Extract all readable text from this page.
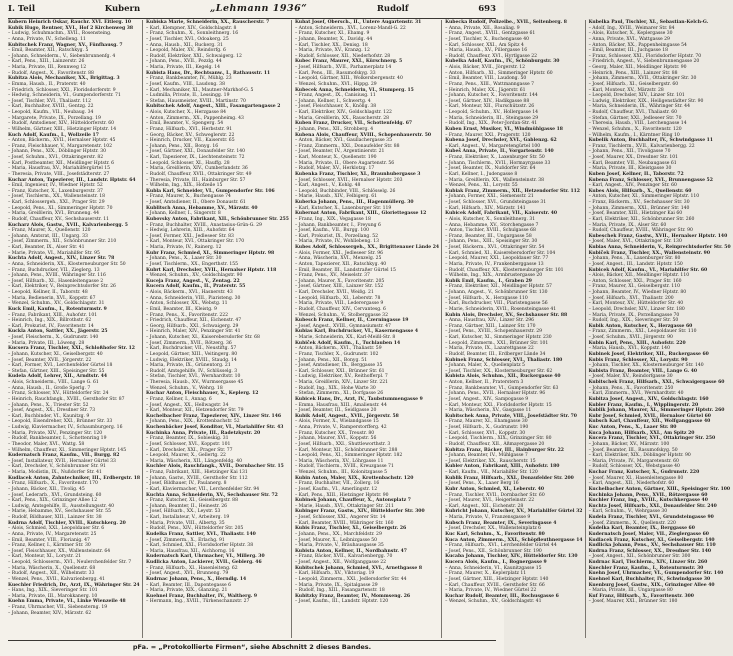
I. Teil	Kubern	„Lehmann 1936“	Rudolf	693
Kubern Heinrich Oskar, Rauchr. XVI. Eitlerg. 10
Kubik Hugo, Rentner, XVI., Hof 2 Kirchenweg 38
– Ludwig, Schuhmachm., XVII., Rosensteing.
– Anna, Private, IV., Schelleng. 11
Kubitschek Franz, Wagner, XV., Fünfhausg. 7
– Emil, Beamter, XII., Ratschkyg. 5
– Johann, Schneiderm., V., Siebenbrunnenfg. 4
– Karl, Pens., XIII., Lainzerstr. 26
– Maria, Private, III., Rennweg 12
– Rudolf, Angest., X., Favoritenstr. 88
Kubitza Alois, Mechaniker, XX., Brigittag. 3
– Emma, Hausb., II., Praterstr. 40
– Friedrich, Schlosser, XXI., Floridsdorferstr. 9
– Hedwig, Schneiderin, VI., Gumpendorferstr. 71
– Josef, Tischler, XVI., Thaliastr. 112
– Karl, Buchhalter, XVIII., Gentzg. 22
– Leopold, Kaufm., VII., Neubaug. 34
– Margarete, Private, IX., Porzellang. 19
– Rudolf, Amtsdiener, XIV., Hütteldorferstr. 60
– Wilhelm, Gärtner, XIII., Hietzinger Hptstr. 14
Kuch Adolf, Kaufm., I., Wollzeile 17
– Anton, Bäckerm., XVII., Hernalser Hptstr. 45
– Franz, Fleischhauer, V., Margaretenstr. 102
– Johann, Pens., XIX., Döblinger Hptstr. 30
– Josef, Schuhm., XVI., Ottakringerstr. 82
– Karl, Postbeamter, XII., Meidlinger Hptstr. 6
– Maria, Hausfrau, XV., Mariahilfergürtel 15
– Theresia, Private, VIII., Josefstädterstr. 27
Kuchar Anton, Tapezierer, III., Landstr. Hptstr. 64
– Emil, Ingenieur, IV., Wiedner Hptstr. 52
– Franz, Kutscher, X., Laxenburgerstr. 37
– Josef, Tischlerm., XX., Wallensteinstr. 18
– Karl, Schlossergeh., XXI., Prager Str. 29
– Leopold, Pens., XI., Simmeringer Hptstr. 70
– Maria, Greißlerin, XVI., Brunneng. 44
– Rudolf, Chauffeur, XV., Sechshauserstr. 11
Kucharz Alois, Gastw., XVII., Kalvarienbergg. 5
– Franz, Maurer, X., Quellenstr. 120
– Johann, Amtsrat, III., Ungarg. 33
– Josef, Zimmerm., XII., Schönbrunner Str. 210
– Karl, Beamter, IX., Alser Str. 41
– Marie, Private, VI., Mariahilfer Str. 95
Kuchta Adolf, Angest., XIV., Linzer Str. 78
– Anna, Schneiderin, XX., Klosterneuburger Str. 50
– Franz, Buchdrucker, VII., Zieglerg. 13
– Johann, Pens., XVIII., Währinger Str. 116
– Josef, Hilfsarb., XI., Hasenleitengasse 2
– Karl, Elektriker, V., Reinprechtsdorfer Str. 26
– Leopold, Kellner, II., Taborstr. 48
– Maria, Bedienerin, XVI., Koppstr. 67
– Wenzel, Schuhm., XV., Goldschlagstr. 31
Kuck Emil, Kaufm., I., Rotenturmstr. 9
– Franz, Fabrikant, XIII., Auhofstr. 101
– Heinrich, Ing., XIX., Billrothstr. 62
– Karl, Prokurist, IV., Favoritenstr. 14
Kuckla Anton, Sattler, XX., Jägerstr. 25
– Josef, Fleischerm., X., Gudrunstr. 140
– Maria, Private, III., Löweng. 28
Kucsera Franz, Tischler, XXI., Schloßhofer Str. 12
– Johann, Kutscher, XI., Geiselbergstr. 40
– Josef, Beamter, XVII., Jörgerstr. 22
– Karl, Former, XVI., Lerchenfelder Gürtel 18
– Stefan, Gärtner, XIII., Speisinger Str. 55
Kudela Adolf, Lehrer, XII., Arndtstr. 44
– Alois, Schneiderm., VIII., Lange G. 61
– Anna, Hausb., II., Große Sperlg. 7
– Franz, Schlosser, XV., Hütteldorfer Str. 24
– Heinrich, Rauchfangk., XVIII., Gersthofer Str. 87
– Johann, Pens., X., Triester Str. 52
– Josef, Angest., XX., Dresdner Str. 73
– Karl, Buchbinder, VI., Kaunitzg. 9
– Leopold, Eisendreher, XXI., Brünner Str. 33
– Ludwig, Klaviermacher, IV., Schaumburgerg. 16
– Maria, Private, XIV., Penzinger Str. 120
– Rudolf, Bankbeamter, I., Schottenring 19
– Theodor, Maler, XVI., Wattg. 58
– Wilhelm, Chauffeur, XI., Simmeringer Hptstr. 145
Kudernatsch Franz, Kaufm., VII., Burgg. 82
– Josef, Installateur, XVII., Hernalser Gürtel 33
– Karl, Drechsler, V., Schönbrunner Str. 91
– Maria, Modistin, IX., Nußdorfer Str. 41
Kudlacek Anton, Zahntechniker, III., Erdbergstr. 18
– Franz, Hilfsarb., X., Favoritenstr. 170
– Johann, Bäcker, XII., Tivolig. 45
– Josef, Lederarb., XVI., Grundsteing. 60
– Karl, Pens., XIX., Grinzinger Allee 12
– Ludwig, Amtsgehilfe, II., Ausstellungsstr. 40
– Marie, Hebamme, XV., Sechshauser Str. 55
– Rudolf, Bildhauer, XIII., Lainzer Str. 38
Kudrna Adolf, Tischler, XVIII., Kutschkerg. 20
– Alois, Schmied, XXI., Leopoldauer Str. 6
– Anna, Private, IV., Margaretenstr. 25
– Emil, Beamter, VIII., Florianig. 47
– Franz, Kellner, I., Kärntner Str. 30
– Josef, Fleischhauer, XX., Wallensteinstr. 64
– Karl, Monteur, XI., Lorystr. 21
– Leopold, Schlosserm., XVI., Neulerchenfelder Str. 7
– Maria, Wäscherin, X., Quellenstr. 68
– Rudolf, Angest., XII., Wilhelmstr. 33
– Wenzel, Pens., XVII., Kalvarienbergg. 41
Kuechler Friedrich, Dr., Arzt, IX., Währinger Str. 24
– Hans, Ing., XIX., Sieveringer Str. 101
– Maria, Private, III., Marokkanerg. 10
Kuehn Emma, Private, VI., Linke Wienzeile 48
– Franz, Uhrmacher, VII., Siebensterng. 19
– Johann, Beamter, XIV., Märzstr. 62
Kubiska Marie, Schneiderin, XX., Rauscherstr. 7
– Karl, Klempner, XIV., Goldschlagstr. 8
– Franz, Schuhm., X., Sonnleithnerg. 16
– Josef, Tischler, XVI., Odoakerg. 25
– Anna, Hausb., XII., Ruckerg. 31
– Leopold, Maler, XV., Reindorfg. 6
– Rudolf, Elektriker, XXI., Schwaigerg. 12
– Johann, Pens., XVII., Pezzlg. 44
– Maria, Private, III., Kegelg. 14
Kubista Hans, Dr., Rechtsanw., I., Rathausstr. 11
– Franz, Bankbeamter, IV., Mühlg. 23
– Josef, Kaufm., VIII., Laudong. 38
– Karl, Mechaniker, XI., Mautner-Markhof-G. 5
– Ludmilla, Private, II., Lessingg. 19
– Stefan, Hausmeister, XVIII., Martinstr. 70
Kubitschek Adolf, Angest., XIII., Fasangartengasse 2
– Alois, Kutscher, X., Herzgasse 84
– Anton, Zimmerm., XX., Pappenheimg. 43
– Emil, Beamter, V., Spengerg. 54
– Franz, Hilfsarb., XVI., Herbststr. 91
– Georg, Bäcker, XV., Schweglerstr. 22
– Heinrich, Drucker, VII., Kaiserstr. 65
– Johann, Pens., XII., Bonyg. 16
– Josef, Gärtner, XXI., Donaufelder Str. 140
– Karl, Tapezierer, IX., Liechtensteinstr. 72
– Leopold, Schlosser, XI., Hauffg. 28
– Maria, Greißlerin, XIV., Cumberlandstr. 36
– Rudolf, Chauffeur, XVII., Ottakringer Str. 49
– Theresia, Private, III., Hainburger Str. 57
– Wilhelm, Ing., XIX., Hofzeile 15
Kubla Karl, Schneider, VI., Gumpendorfer Str. 106
– Franz, Maurer, X., Buchengasse 74
– Josef, Amtsdiener, II., Obere Donaustr. 61
Kublitsch Anna, Hebamme, XV., Märzstr. 40
– Johann, Kellner, I., Singerstr. 8
Kubovsky Anton, Fabrikant, XII., Schönbrunner Str. 255
– Franz, Buchhalter, XVIII., Anastasius-Grün-G. 29
– Hedwig, Lehrerin, XIII., Auhofstr. 64
– Josef, Former, XXI., Jedleseer Str. 83
– Karl, Monteur, XVI., Ottakringer Str. 170
– Maria, Private, IV., Rainerg. 12
Kubr Franz, Schmied, XI., Simmeringer Hptstr. 98
– Johann, Pens., X., Laaer Str. 30
– Josef, Tischlerm., XX., Engerthstr. 155
Kubrt Karl, Drechsler, XVII., Hernalser Hptstr. 118
– Wenzel, Schuhm., XV., Goldschlagstr. 90
Kuceja Franz, Angest., V., Zentag. 22
Kucera Adolf, Kaufm., II., Praterstr. 55
– Alois, Bäckerm., XVI., Hasnerstr. 43
– Anna, Schneiderin, VIII., Piaristeng. 30
– Anton, Schlosser, XX., Webstg. 11
– Emil, Beamter, III., Kleistg. 9
– Franz, Pens., X., Favoritenstr. 222
– Friedrich, Chauffeur, XII., Eichenstr. 47
– Georg, Hilfsarb., XXI., Schwaigerg. 29
– Heinrich, Maler, XIV., Penzinger Str. 41
– Johann, Kutscher, XI., Kaiserebersdorfer Str. 68
– Josef, Zimmerm., XVII., Rötzerg. 36
– Karl, Buchdrucker, VII., Neustiftg. 57
– Leopold, Gärtner, XIII., Veitingerg. 80
– Ludwig, Elektriker, XVIII., Staudg. 14
– Maria, Private, IX., Grünentorg. 21
– Rudolf, Amtsgehilfe, IV., Schlüsselg. 3
– Stefan, Tischler, XVI., Wernhardtstr. 10
– Theresia, Hausb., XV., Wurmsergasse 45
– Wenzel, Schuhm., V., Wehrg. 18
Kuchar Anton, Fleischhauer, X., Keplerg. 12
– Franz, Kellner, I., Annag. 6
– Josef, Angest., XX., Hellwagstr. 34
– Karl, Monteur, XII., Hetzendorfer Str. 79
Kuchelbacher Franz, Tapezierer, XIV., Linzer Str. 146
– Johann, Pens., XIX., Krottenbachstr. 52
Kuchenbäcker Josef, Konditor, VI., Mariahilfer Str. 43
Kuchinka Anna, Private, III., Radetzkystr. 20
– Franz, Beamter, IX., Sobieskig. 31
– Josef, Schlosser, XVI., Koppstr. 101
– Karl, Drechsler, XXI., Prager Str. 77
– Leopold, Maurer, X., Gellertg. 22
– Maria, Wäscherin, XII., Längenfeldg. 40
Kuchler Alois, Rauchfangk., XVII., Dornbacher Str. 15
– Franz, Fabrikant, XIII., Hietzinger Kai 131
– Johann, Gastw., XVIII., Gersthofer Str. 112
– Josef, Bildhauer, IV., Paulanerg. 8
– Karl, Klaviermacher, VII., Lerchenfelder Str. 94
Kuchta Anna, Schneiderin, XV., Sechshauser Str. 72
– Franz, Kutscher, XI., Geiselbergstr. 88
– Johann, Beamter, II., Heinestr. 26
– Josef, Hilfsarb., XX., Leystr. 53
– Karl, Installateur, V., Arbeiterg. 19
– Maria, Private, VIII., Albertg. 35
– Rudolf, Pens., XIV., Hütteldorfer Str. 205
Kudelka Franz, Sattler, XVI., Thaliastr. 140
– Josef, Zimmerm., X., Erlachg. 91
– Karl, Schmied, XXI., Floridsdorfer Hptstr. 38
– Maria, Hausfrau, XII., Aichhorng. 16
Kudernatsch Karl, Uhrmacher, VI., Millerg. 30
Kudlicka Anton, Lackierer, XVII., Geblerg. 46
– Franz, Hilfsarb., XI., Hasenleiteng. 62
– Josef, Angest., XVI., Brunneng. 79
Kudrnac Johann, Pens., X., Herndlg. 14
– Karl, Beamter, III., Dapontegasse 6
– Maria, Private, XIX., Glanzing. 21
Kuehnel Franz, Buchhalter, IV., Waltherg. 9
– Hermann, Ing., XVIII., Türkenschanzstr. 27
Kubat Josef, Obersch., II., Untere Augartenstr. 31
– Anton, Schneiderm., XVI., Lorenz-Mandl-G. 22
– Franz, Kutscher, XI., Ehamg. 9
– Johann, Beamter, X., Davidg. 44
– Karl, Tischler, XX., Denisg. 18
– Maria, Private, XV., Kranzg. 12
– Rudolf, Schlosser, XII., Niederhofstr. 28
Kubec Franz, Maurer, XXI., Kürschnerg. 5
– Josef, Hilfsarb., XVII., Parhamerplatz 14
– Karl, Pens., III., Rasumofskyg. 33
– Leopold, Gärtner, XIII., Wolkersbergenstr. 40
– Wenzel, Schuhm., XVI., Hippg. 29
Kubecek Anna, Schneiderin, VI., Stumperg. 15
– Franz, Angest., IX., Canisiusg. 11
– Johann, Kellner, I., Schwertg. 4
– Josef, Fleischhauer, X., Knöllg. 38
– Karl, Elektriker, XIV., Goldschlagstr. 122
– Maria, Greißlerin, XX., Rauscherstr. 28
Kuben Franz, Drucker, VII., Schottenfeldg. 67
– Johann, Pens., XII., Strohberg. 4
Kubena Alois, Chauffeur, XVIII., Schopenhauerstr. 50
– Anton, Bäcker, XVI., Gaullachergasse 35
– Franz, Zimmerm., XXI., Donaufelder Str. 88
– Josef, Beamter, IV., Argentinierstr. 21
– Karl, Monteur, X., Quellenstr. 190
– Maria, Private, II., Obere Augartenstr. 56
– Rudolf, Maler, XV., Herklotzg. 17
Kubenka Franz, Tischler, XI., Braunhubergasse 3
– Josef, Schlosser, XVII., Hernalser Hptstr. 203
– Karl, Angest., V., Kohlg. 48
– Leopold, Buchbinder, VIII., Schlösselg. 26
– Marie, Hausb., XIV., Felbigerg. 61
Kuberka Johann, Pens., III., Hagenmüllerg. 30
– Karl, Kutscher, X., Laxenburger Str. 119
Kubernat Anton, Fabrikant, XIII., Gloriettegasse 12
– Franz, Ing., XIX., Vegagasse 18
– Johann, Bankbeamter, I., Freyung 6
– Josef, Kaufm., VII., Burgg. 100
– Karl, Prokurist, IX., Porzellang. 52
– Maria, Private, IV., Wohllebeng. 13
Kubes Adolf, Schlossergeh., XX., Brigittenauer Lände 24
– Alois, Former, XXI., Jedleseer Str. 96
– Anna, Wäscherin, XVI., Menzelg. 25
– Anton, Tapezierer, XII., Ratschkyg. 40
– Emil, Beamter, III., Landstraßer Gürtel 15
– Franz, Pens., XV., Meiselstr. 37
– Johann, Maurer, X., Favoritenstr. 205
– Josef, Gärtner, XIII., Lainzer Str. 152
– Karl, Drechsler, XVII., Weißg. 21
– Leopold, Hilfsarb., XI., Leberstr. 78
– Maria, Private, VIII., Lederergasse 9
– Rudolf, Chauffeur, XIV., Cervantesg. 6
– Wenzel, Schuhm., V., Stolberggasse 32
Kubesch Franz, Kellner, II., Czerningasse 19
– Josef, Angest., XVIII., Gymnasiumstr. 47
Kubias Karl, Buchdrucker, VI., Kasernengasse 4
– Marie, Schneiderin, XX., Karl-Meißl-Str. 8
Kubiček Adolf, Kaufm., I., Tuchlauben 14
– Anton, Bäckerm., XVI., Thaliastr. 59
– Franz, Tischler, X., Gudrunstr. 102
– Johann, Pens., XII., Bonyg. 51
– Josef, Amtsdiener, IX., Berggasse 35
– Karl, Schlosser, XXI., Brünner Str. 61
– Ludwig, Elektriker, XV., Reithofferpl. 7
– Maria, Greißlerin, XIV., Linzer Str. 221
– Rudolf, Ing., XIX., Hohe Warte 30
– Stefan, Zimmerm., XI., Dorfgasse 26
Kubicek Hans, Dr., Arzt, IV., Taubstummengasse 9
– Emma, Hausfrau, XIII., Amalienstr. 44
– Josef, Beamter, III., Seidlgasse 20
Kubik Adolf, Angest., XVII., Jörgerstr. 58
– Alois, Former, X., Wielandgasse 15
– Anna, Private, V., Ramperstorfferg. 42
– Franz, Kutscher, XX., Treustr. 80
– Johann, Maurer, XVI., Koppstr. 56
– Josef, Hilfsarb., XXI., Shuttleworthstr. 3
– Karl, Monteur, XII., Schönbrunner Str. 288
– Leopold, Pens., XI., Simmeringer Hptstr. 182
– Maria, Wäscherin, XV., Löhrgasse 11
– Rudolf, Tischlerm., XVIII., Kreuzgasse 71
– Wenzel, Schuhm., III., Kolonitzgasse 5
Kubin Anton, Maler, XIX., Krottenbachstr. 120
– Franz, Buchhalter, VII., Zollerg. 16
– Josef, Kaufm., VI., Amerlingstr. 12
– Karl, Pens., XIII., Hietzinger Hptstr. 90
Kubinek Johann, Chauffeur, X., Antonsplatz 7
– Marie, Hausb., XVI., Ottakringer Str. 211
Kubinger Franz, Gastw., XIV., Hütteldorfer Str. 300
– Josef, Schlosser, XXI., Angerer Str. 14
– Karl, Beamter, XVIII., Währinger Str. 160
Kubis Franz, Tischler, XI., Geiselbergstr. 26
– Johann, Pens., XX., Marchfeldstr. 29
– Josef, Maurer, X., Leibnizgasse 50
– Maria, Private, V., Bräuhausgasse 35
Kubista Anton, Kellner, II., Nordbahnstr. 47
– Franz, Bäcker, XVII., Kalvarienbergg. 70
– Josef, Angest., XII., Wolfganggasse 22
Kubitschek Johann, Schmied, XVI., Arnethgasse 8
– Karl, Hilfsarb., XV., Viktoriag. 19
– Leopold, Zimmerm., XXI., Jedlersdorfer Str. 44
– Maria, Private, IX., Spitalgasse 29
– Rudolf, Ing., XIII., Fasangartenstr. 18
Kubitzky Franz, Beamter, IV., Mommseng. 26
– Josef, Kaufm., III., Landstr. Hptstr. 120
Kubecka Rudolf, Polizeibe., XVII., Seitenberg. 8
– Anna, Private, XII., Rosaliag. 9
– Franz, Angest., XVIII., Gentzgasse 61
– Josef, Tischler, X., Buchengasse 40
– Karl, Schlosser, XXI., Am Spitz 4
– Maria, Hausb., XV., Pillergasse 16
– Rudolf, Chauffeur, XVI., Hyrtlgasse 22
Kubelka Adolf, Kaufm., IV., Schönburgstr. 30
– Alois, Bäcker, XVII., Jörgerstr. 12
– Anton, Hilfsarb., XI., Simmeringer Hptstr. 60
– Emil, Beamter, VIII., Laudong. 50
– Franz, Pens., XIII., Wattmanngasse 7
– Heinrich, Maler, XX., Jägerstr. 61
– Johann, Kutscher, X., Favoritenstr. 144
– Josef, Gärtner, XIV., Hadikgasse 88
– Karl, Monteur, XII., Flurschützstr. 26
– Leopold, Schuhm., XV., Hollergasse 14
– Maria, Schneiderin, III., Steingasse 29
– Rudolf, Ing., XIX., Peter-Jordan-Str. 41
Kuben Ernst, Musiker, VI., Windmühlgasse 18
– Franz, Maurer, XXI., Pragerstr. 120
Kubena Josef, Drechsler, XVI., Gablenzg. 62
– Karl, Angest., V., Margaretengürtel 100
Kubeš Anna, Private, II., Vorgartenstr. 140
– Franz, Elektriker, X., Laxenburger Str. 50
– Johann, Tischlerm., XVII., Hormayrgasse 33
– Josef, Beamter, IX., Nußdorfer Str. 64
– Karl, Kellner, I., Judengasse 8
– Maria, Greißlerin, XX., Wallensteinstr. 38
– Wenzel, Pens., XI., Lorystr. 55
Kubiak Franz, Zimmerm., XII., Hetzendorfer Str. 112
– Johann, Former, XXI., Siemensstr. 21
– Josef, Schlosser, XVI., Grundsteingasse 31
– Karl, Hilfsarb., XIV., Märzstr. 141
Kubicek Adolf, Fabrikant, VII., Kaiserstr. 40
– Alois, Kutscher, X., Sonnleithnerg. 31
– Anna, Hebamme, XV., Storchengasse 7
– Anton, Tischler, XVIII., Schulgasse 68
– Franz, Beamter, III., Ungargasse 58
– Johann, Pens., XIII., Speisinger Str. 30
– Josef, Bäckerm., XVI., Ottakringer Str. 54
– Karl, Schmied, XI., Kaiserebersdorfer Str. 104
– Leopold, Maurer, XXI., Leopoldauer Str. 77
– Maria, Private, IV., Frankenberggasse 13
– Rudolf, Chauffeur, XX., Klosterneuburger Str. 101
– Wilhelm, Ing., XIX., Armbrustergasse 20
Kubik Emil, Kaufm., I., Graben 29
– Franz, Elektriker, XII., Meidlinger Hptstr. 57
– Johann, Angest., V., Schönbrunner Str. 130
– Josef, Hilfsarb., X., Herzgasse 110
– Karl, Buchdrucker, VIII., Piaristengasse 56
– Marie, Schneiderin, XVII., Rosensteingasse 41
Kubin Alois, Drechsler, XV., Sechshauser Str. 88
– Anna, Hausfrau, XIV., Linzer Str. 296
– Franz, Gärtner, XIII., Lainzer Str. 170
– Josef, Pens., XVIII., Schopenhauerstr. 29
– Karl, Kutscher, XI., Simmeringer Hptstr. 230
– Leopold, Zimmerm., XXI., Brünner Str. 101
– Maria, Private, IX., Lazarettgasse 22
– Rudolf, Beamter, III., Erdberger Lände 34
Kubinek Franz, Schlosser, XVI., Thaliastr. 180
– Johann, Maler, X., Quellenplatz 5
– Josef, Tischler, XX., Klosterneuburger Str. 62
Kubista Alois, Schuhm., XII., Ruckergasse 40
– Anton, Kellner, II., Praterstern 3
– Franz, Bankbeamter, VI., Gumpendorfer Str. 63
– Johann, Pens., XVII., Hernalser Hptstr. 96
– Josef, Angest., XIV., Sampogasse 9
– Karl, Monteur, XXI., Floridsdorfer Hptstr. 15
– Maria, Wäscherin, XV., Gasgasse 11
Kubitschek Anna, Private, VIII., Josefstädter Str. 70
– Franz, Maurer, XI., Ehamgasse 30
– Josef, Hilfsarb., X., Gudrunstr. 190
– Karl, Schlosser, XVI., Koppstr. 30
– Leopold, Tischlerm., XIX., Grinzinger Str. 80
– Rudolf, Chauffeur, XII., Aßmayergasse 20
Kubitza Franz, Bäcker, III., Hainburger Str. 22
– Johann, Beamter, IV., Mühlgasse 7
– Josef, Elektriker, XX., Rauscherstr. 15
Kubler Anton, Fabrikant, XIII., Auhofstr. 180
– Karl, Kaufm., VII., Mariahilfer Str. 120
Kublik Franz, Hilfsarb., XXI., Donaufelder Str. 200
– Josef, Pens., X., Laaer Berg 16
Kubr Anton, Schmied, XI., Leberstr. 40
– Franz, Tischler, XVII., Dornbacher Str. 60
– Josef, Maurer, XVI., Heigerleinstr. 22
– Karl, Angest., XII., Eichenstr. 28
Kubricht Johann, Kutscher, XV., Mariahilfer Gürtel 32
– Maria, Private, V., Franzensgasse 9
Kubsch Franz, Beamter, IX., Severingasse 4
– Josef, Drechsler, XX., Wallensteinplatz 6
Kuc Karl, Schuhm., X., Favoritenstr. 80
Kuca Anton, Zimmerm., XXI., Schöpfleuthnergasse 14
– Franz, Hilfsarb., XVI., Lerchenfelder Gürtel 44
– Josef, Pens., XII., Schönbrunner Str. 190
Kucaba Johann, Tischler, XIV., Hütteldorfer Str. 130
Kucera Alois, Kaufm., I., Bognergasse 9
– Anna, Schneiderin, VI., Kaunitzgasse 15
– Franz, Maurer, X., Keplerplatz 11
– Josef, Gärtner, XIII., Hietzinger Hptstr. 140
– Karl, Chauffeur, XVIII., Gersthofer Str. 66
– Maria, Private, IV., Wiedner Gürtel 22
Kuchar Rudolf, Beamter, III., Rochusgasse 6
– Wenzel, Schuhm., XV., Goldschlagstr. 41
Kubelka Paul, Tischler, XI., Sebastian-Kelch-G.
– Adolf, Ing., XVIII., Weimarer Str. 84
– Alois, Kutscher, X., Keplergasse 30
– Anna, Private, XVI., Wattgasse 29
– Anton, Bäcker, XX., Pappenheimgasse 54
– Emil, Beamter, III., Juchgasse 18
– Franz, Schlosser, XXI., Floridsdorfer Hptstr. 70
– Friedrich, Angest., V., Siebenbrunnengasse 20
– Georg, Maler, XII., Meidlinger Hptstr. 90
– Heinrich, Pens., XIII., Lainzer Str. 88
– Johann, Zimmerm., XVII., Ottakringer Str. 30
– Josef, Hilfsarb., XI., Geiselbergstr. 60
– Karl, Monteur, XV., Märzstr. 28
– Leopold, Drechsler, XIV., Linzer Str. 101
– Ludwig, Elektriker, XIX., Heiligenstädter Str. 90
– Maria, Schneiderin, IX., Währinger Str. 44
– Rudolf, Chauffeur, XVI., Thaliastr. 60
– Stefan, Gärtner, XXI., Jedleseer Str. 70
– Theresia, Hausb., VIII., Lerchengasse 14
– Wenzel, Schuhm., X., Favoritenstr. 120
– Wilhelm, Kaufm., I., Kärntner Ring 10
Kubelik Anton, Buchhalter, IV., Schwindgasse 11
– Franz, Tischlerm., XVII., Kalvarienbergg. 22
– Johann, Pens., XII., Tivoligasse 70
– Josef, Maurer, XX., Dresdner Str. 101
– Karl, Beamter, VII., Neubaugasse 61
– Maria, Private, III., Kleistgasse 30
Kuben Josef, Kellner, II., Taborstr. 72
Kubena Franz, Schlosser, XVI., Brunnengasse 52
– Karl, Angest., XIV., Penzinger Str. 60
Kubes Alois, Hilfsarb., X., Quellenstr. 60
– Anton, Kutscher, XI., Simmeringer Hptstr. 110
– Franz, Bäckerm., XV., Sechshauser Str. 30
– Johann, Zimmerm., XXI., Brünner Str. 140
– Josef, Beamter, XIII., Hietzinger Kai 60
– Karl, Elektriker, XII., Schönbrunner Str. 260
– Maria, Private, IX., Alser Str. 60
– Rudolf, Chauffeur, XVIII., Währinger Str. 90
Kubeschek Franz, Gastw., XVII., Hernalser Hptstr. 140
– Josef, Maler, XVI., Ottakringer Str. 130
Kubias Anna, Schneiderin, V., Reinprechtsdorfer Str. 50
Kubiček Franz, Tischler, XX., Wallensteinstr. 90
– Johann, Pens., X., Laxenburger Str. 80
– Josef, Angest., III., Landstr. Hptstr. 150
Kubicek Adolf, Kaufm., VI., Mariahilfer Str. 60
– Alois, Bäcker, XII., Meidlinger Hptstr. 110
– Anton, Schlosser, XXI., Prager Str. 160
– Franz, Maurer, XI., Geiselbergstr. 110
– Johann, Beamter, IV., Wiedner Hptstr. 80
– Josef, Hilfsarb., XVI., Thaliastr. 200
– Karl, Monteur, XV., Hütteldorfer Str. 40
– Leopold, Drechsler, XIV., Linzer Str. 180
– Maria, Private, IX., Porzellangasse 70
– Rudolf, Ing., XIX., Sieveringer Str. 50
Kubik Anton, Kutscher, X., Herzgasse 60
– Franz, Zimmerm., XXI., Leopoldauer Str. 110
– Josef, Schuhm., XVII., Jörgerstr. 90
Kubin Karl, Pens., XIII., Auhofstr. 220
– Maria, Hausb., XVI., Koppstr. 140
Kubinek Josef, Elektriker, XII., Ruckergasse 60
Kubis Franz, Schlosser, XI., Lorystr. 90
– Johann, Tischler, XX., Klosterneuburger Str. 140
Kubista Franz, Beamter, VIII., Lange G. 40
– Josef, Maler, XV., Reindorfgasse 30
Kubitschek Franz, Hilfsarb., XXI., Schwaigergasse 60
– Johann, Pens., X., Favoritenstr. 250
– Karl, Zimmerm., XVI., Wernhardtstr. 40
Kubitza Josef, Angest., XIV., Goldschlagstr. 160
Kubler Franz, Kaufm., I., Wipplingerstr. 20
Kublik Johann, Maurer, XI., Simmeringer Hptstr. 260
Kubr Josef, Schmied, XVII., Hernalser Gürtel 60
Kubsch Karl, Chauffeur, XII., Wolfganggasse 40
Kuc Anton, Pens., X., Laaer Str. 80
Kuca Johann, Hilfsarb., XXI., Am Spitz 20
Kucera Franz, Tischler, XVI., Ottakringer Str. 250
– Johann, Bäcker, XV., Märzstr. 100
– Josef, Beamter, III., Rasumofskyg. 50
– Karl, Elektriker, XIX., Döblinger Hptstr. 90
– Maria, Private, IV., Margaretenstr. 60
– Rudolf, Schlosser, XX., Webstgasse 40
Kuchar Franz, Kutscher, X., Gudrunstr. 220
– Josef, Maurer, XI., Hasenleitengasse 80
– Karl, Angest., XII., Niederhofstr. 60
Kuchelbacher Anton, Gärtner, XIII., Speisinger Str. 100
Kuchinka Johann, Pens., XVII., Rötzergasse 60
Kuchler Franz, Ing., XVIII., Kutschkergasse 40
Kuchta Josef, Hilfsarb., XXI., Donaufelder Str. 240
– Karl, Schuhm., V., Wehrgasse 30
Kudela Franz, Tischler, XVI., Grundsteingasse 90
– Josef, Zimmerm., X., Quellenstr. 220
Kudelka Karl, Beamter, IX., Berggasse 60
Kudernatsch Josef, Maler, VII., Zieglergasse 60
Kudlacek Franz, Kutscher, XI., Geiselbergstr. 140
Kudlicka Johann, Pens., XV., Sechshauser Str. 110
Kudrna Franz, Schlosser, XX., Dresdner Str. 140
– Josef, Angest., XII., Schönbrunner Str. 300
Kudrnac Karl, Tischlerm., XIV., Linzer Str. 260
Kuechler Franz, Kaufm., I., Rotenturmstr. 30
Kuehn Josef, Uhrmacher, VI., Gumpendorfer Str. 140
Kuehnel Karl, Buchhalter, IV., Schwindgasse 30
Kuenburg Josef, Gastw., XIX., Grinzinger Allee 40
– Maria, Private, III., Ungargasse 80
Kuf Franz, Hilfsarb., X., Favoritenstr. 300
– Josef, Maurer, XXI., Brünner Str. 180
pFa. = „Protokollierte Firmen“, siehe Abschnitt 2 dieses Bandes.
